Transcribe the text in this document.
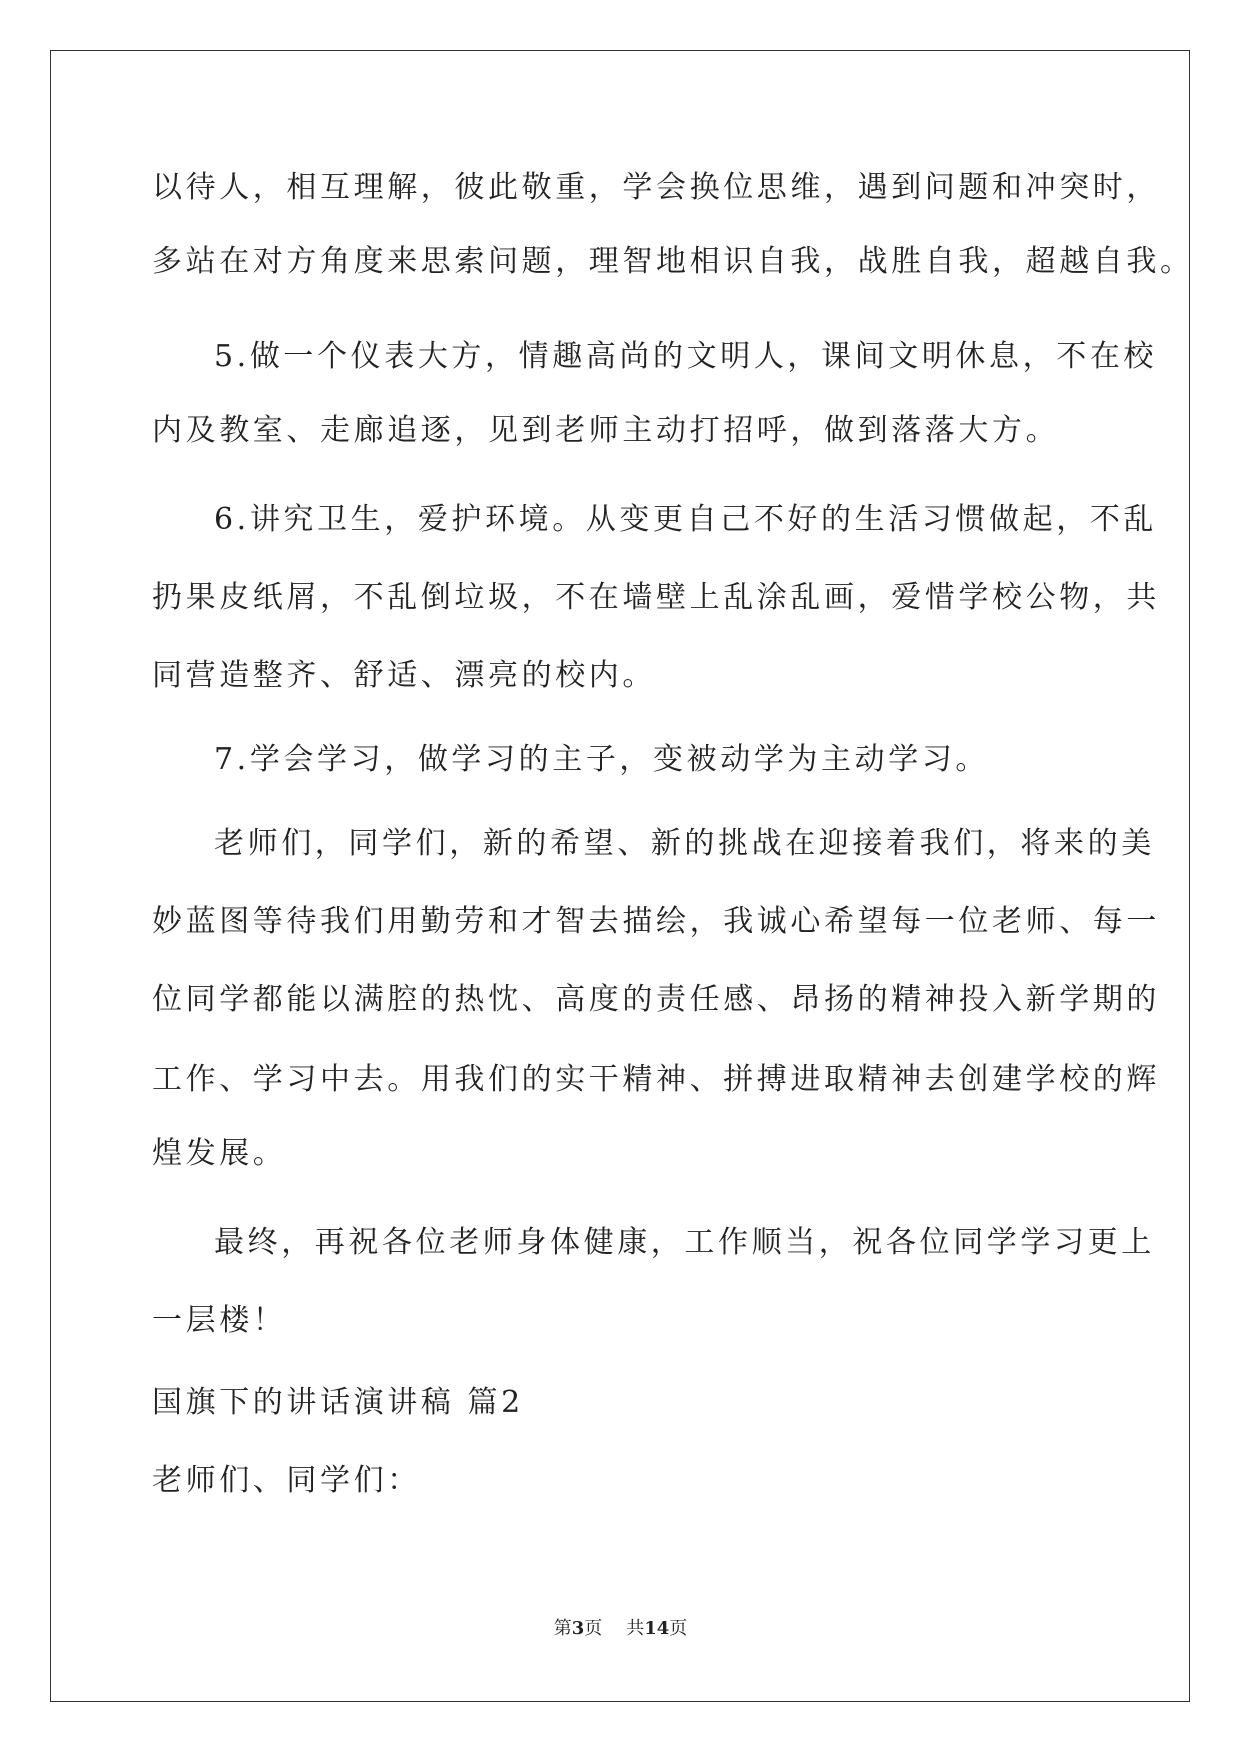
以待人，相互理解，彼此敬重，学会换位思维，遇到问题和冲突时，
多站在对方角度来思索问题，理智地相识自我，战胜自我，超越自我。
5.做一个仪表大方，情趣高尚的文明人，课间文明休息，不在校
内及教室、走廊追逐，见到老师主动打招呼，做到落落大方。
6.讲究卫生，爱护环境。从变更自己不好的生活习惯做起，不乱
扔果皮纸屑，不乱倒垃圾，不在墙壁上乱涂乱画，爱惜学校公物，共
同营造整齐、舒适、漂亮的校内。
7.学会学习，做学习的主子，变被动学为主动学习。
老师们，同学们，新的希望、新的挑战在迎接着我们，将来的美
妙蓝图等待我们用勤劳和才智去描绘，我诚心希望每一位老师、每一
位同学都能以满腔的热忱、高度的责任感、昂扬的精神投入新学期的
工作、学习中去。用我们的实干精神、拼搏进取精神去创建学校的辉
煌发展。
最终，再祝各位老师身体健康，工作顺当，祝各位同学学习更上
一层楼！
国旗下的讲话演讲稿 篇2
老师们、同学们：
第3页 共14页
